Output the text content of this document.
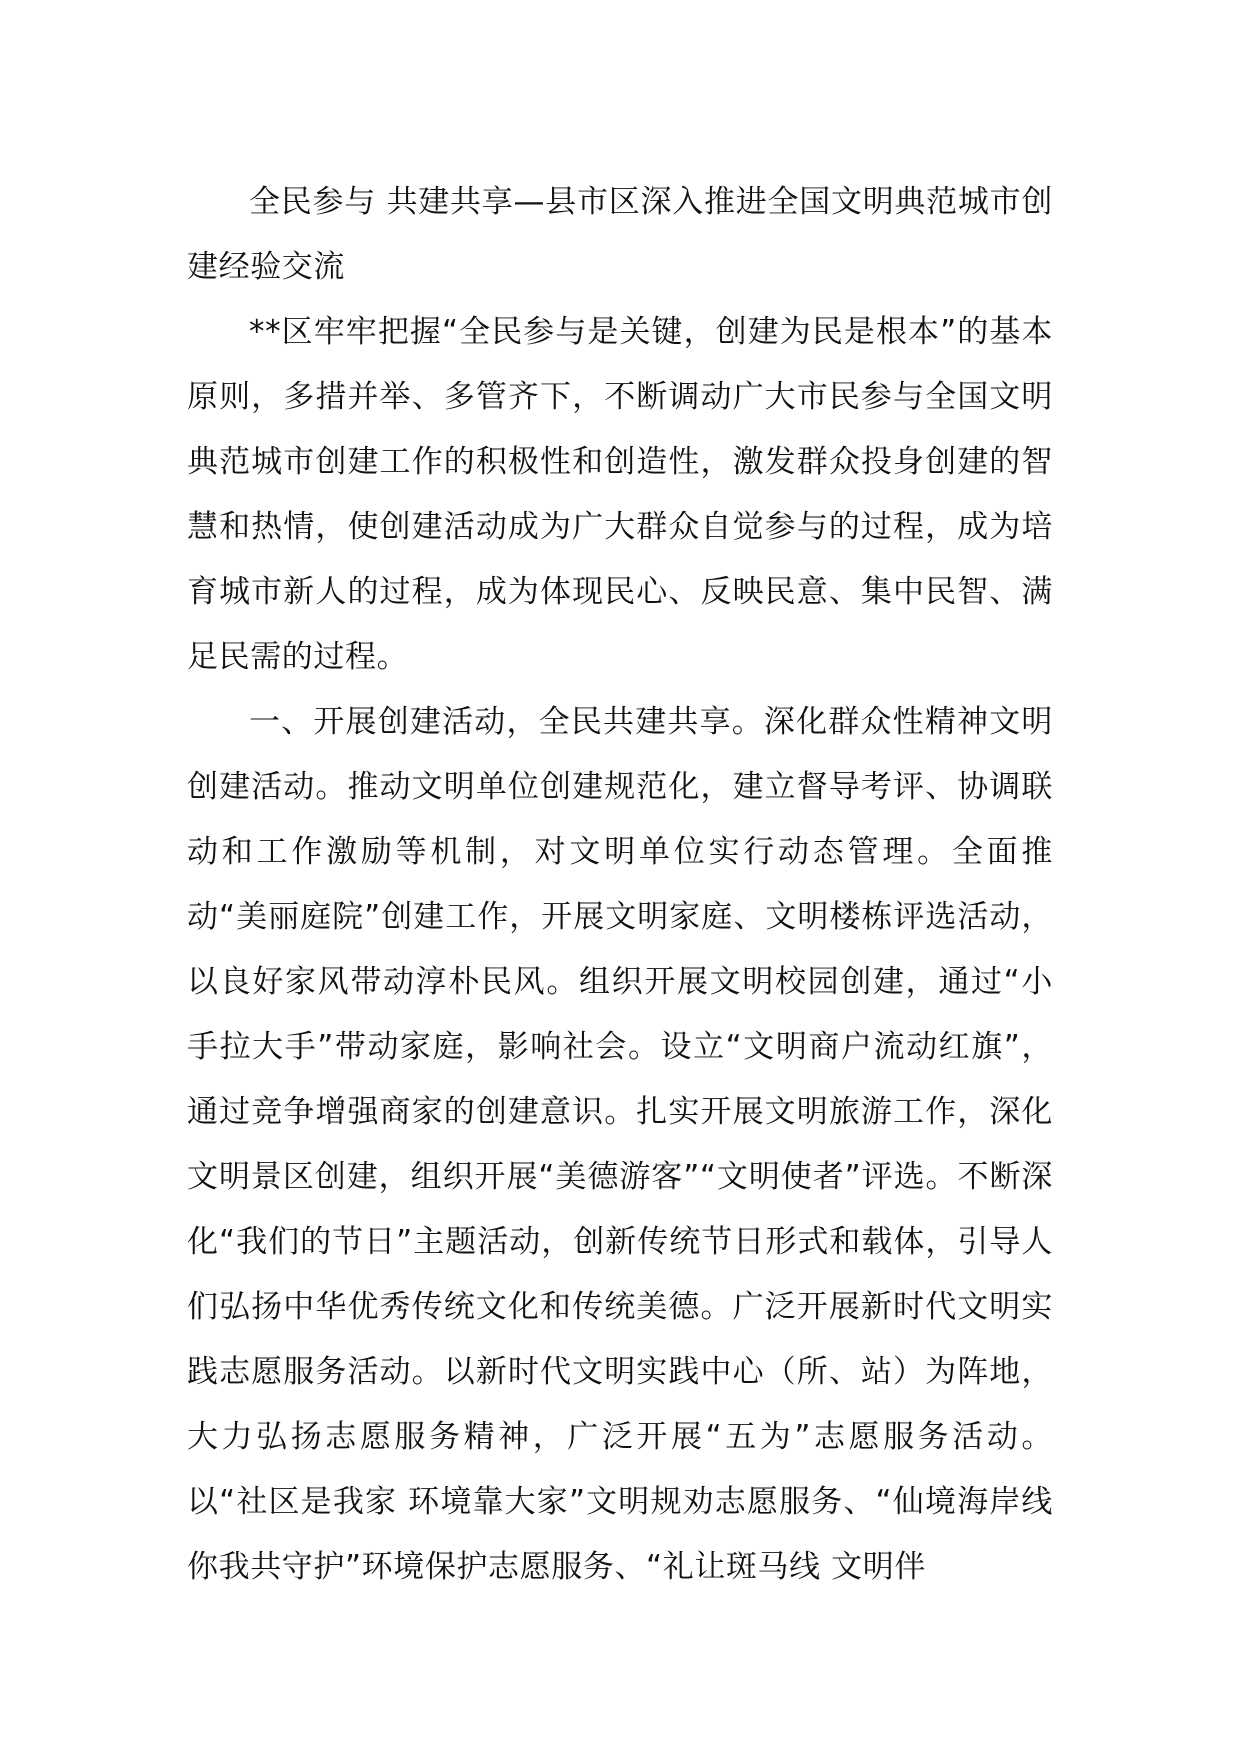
全民参与 共建共享—县市区深入推进全国文明典范城市创建经验交流

**区牢牢把握“全民参与是关键，创建为民是根本”的基本原则，多措并举、多管齐下，不断调动广大市民参与全国文明典范城市创建工作的积极性和创造性，激发群众投身创建的智慧和热情，使创建活动成为广大群众自觉参与的过程，成为培育城市新人的过程，成为体现民心、反映民意、集中民智、满足民需的过程。

一、开展创建活动，全民共建共享。深化群众性精神文明创建活动。推动文明单位创建规范化，建立督导考评、协调联动和工作激励等机制，对文明单位实行动态管理。全面推动“美丽庭院”创建工作，开展文明家庭、文明楼栋评选活动，以良好家风带动淳朴民风。组织开展文明校园创建，通过“小手拉大手”带动家庭，影响社会。设立“文明商户流动红旗”，通过竞争增强商家的创建意识。扎实开展文明旅游工作，深化文明景区创建，组织开展“美德游客”“文明使者”评选。不断深化“我们的节日”主题活动，创新传统节日形式和载体，引导人们弘扬中华优秀传统文化和传统美德。广泛开展新时代文明实践志愿服务活动。以新时代文明实践中心（所、站）为阵地，大力弘扬志愿服务精神，广泛开展“五为”志愿服务活动。以“社区是我家 环境靠大家”文明规劝志愿服务、“仙境海岸线 你我共守护”环境保护志愿服务、“礼让斑马线 文明伴
